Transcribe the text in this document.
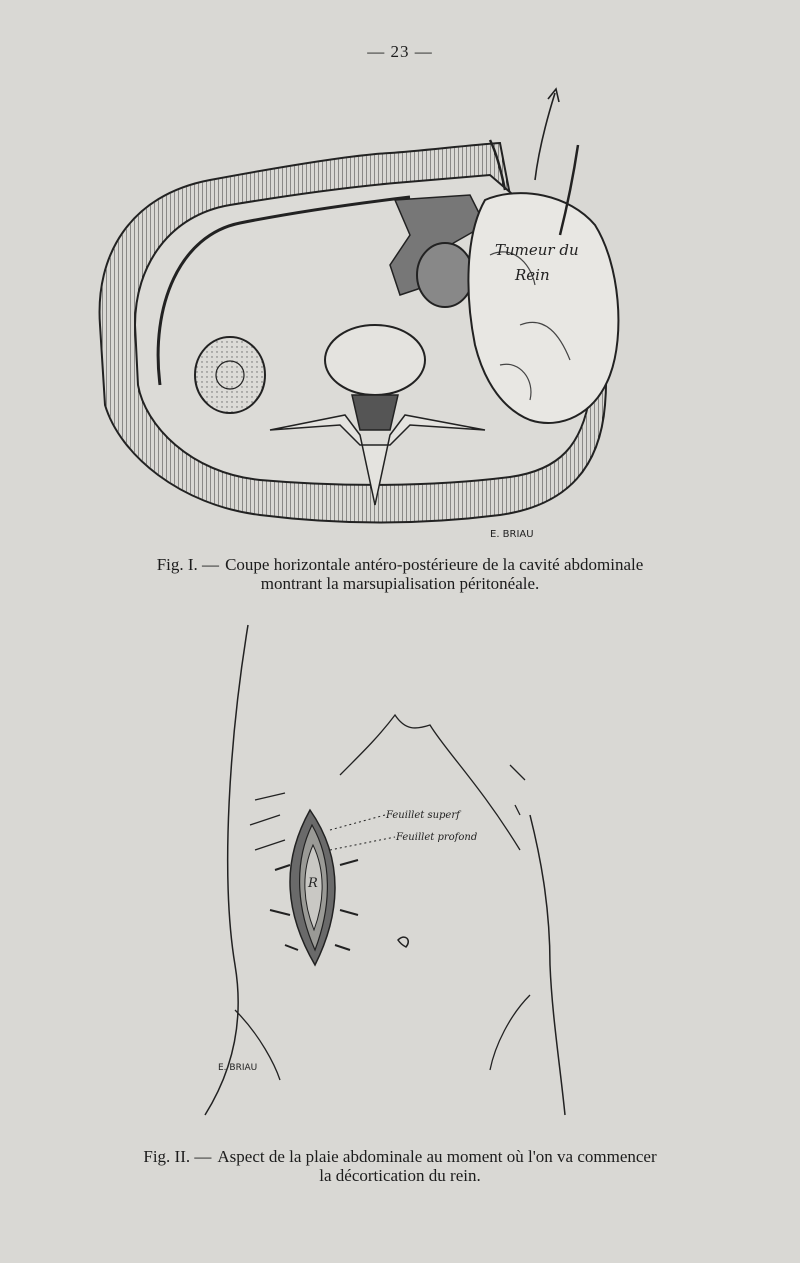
— 23 —
Tumeur du
Rein
E. BRIAU
Fig. I. — Coupe horizontale antéro-postérieure de la cavité abdominale
montrant la marsupialisation péritonéale.
R
Feuillet superf
Feuillet profond
E. BRIAU
Fig. II. — Aspect de la plaie abdominale au moment où l'on va commencer
la décortication du rein.
